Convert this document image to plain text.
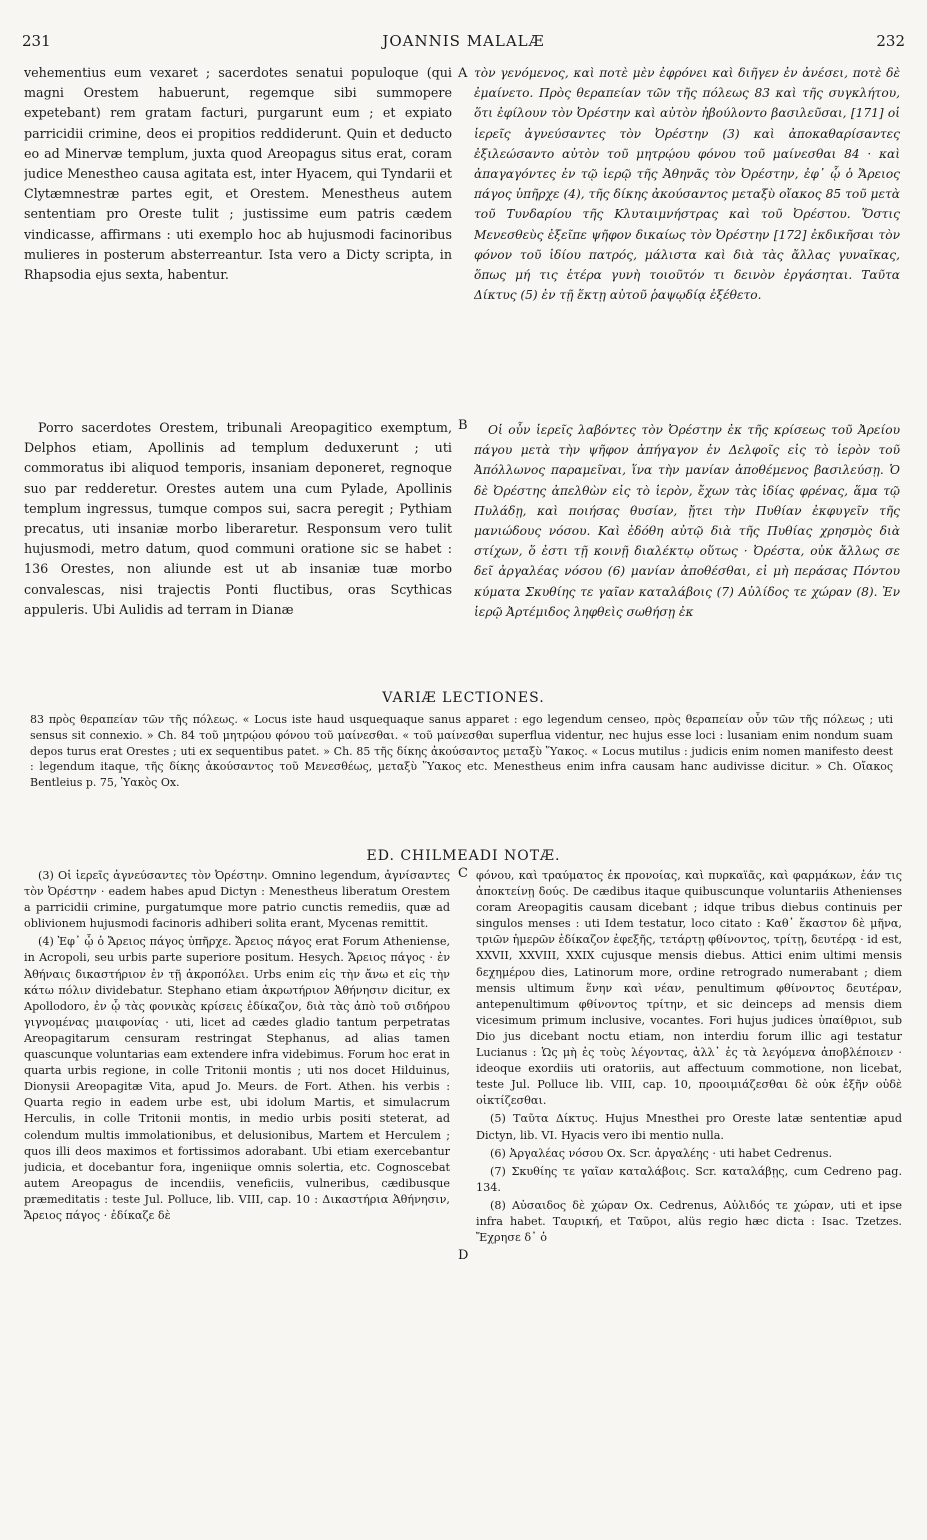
231	JOANNIS MALALÆ	232

vehementius eum vexaret ; sacerdotes senatui populoque (qui magni Orestem habuerunt, regemque sibi summopere expetebant) rem gratam facturi, purgarunt eum ; et expiato parricidii crimine, deos ei propitios reddiderunt. Quin et deducto eo ad Minervæ templum, juxta quod Areopagus situs erat, coram judice Menestheo causa agitata est, inter Hyacem, qui Tyndarii et Clytæmnestræ partes egit, et Orestem. Menestheus autem sententiam pro Oreste tulit ; justissime eum patris cædem vindicasse, affirmans : uti exemplo hoc ab hujusmodi facinoribus mulieres in posterum absterreantur. Ista vero a Dicty scripta, in Rhapsodia ejus sexta, habentur.

Porro sacerdotes Orestem, tribunali Areopagitico exemptum, Delphos etiam, Apollinis ad templum deduxerunt ; uti commoratus ibi aliquod temporis, insaniam deponeret, regnoque suo par redderetur. Orestes autem una cum Pylade, Apollinis templum ingressus, tumque compos sui, sacra peregit ; Pythiam precatus, uti insaniæ morbo liberaretur. Responsum vero tulit hujusmodi, metro datum, quod communi oratione sic se habet : 136 Orestes, non aliunde est ut ab insaniæ tuæ morbo convalescas, nisi trajectis Ponti fluctibus, oras Scythicas appuleris. Ubi Aulidis ad terram in Dianæ

τὸν γενόμενος, καὶ ποτὲ μὲν ἐφρόνει καὶ διῆγεν ἐν ἀνέσει, ποτὲ δὲ ἐμαίνετο. Πρὸς θεραπείαν τῶν τῆς πόλεως 83 καὶ τῆς συγκλήτου, ὅτι ἐφίλουν τὸν Ὀρέστην καὶ αὐτὸν ἠβούλοντο βασιλεῦσαι, [171] οἱ ἱερεῖς ἀγνεύσαντες τὸν Ὀρέστην (3) καὶ ἀποκαθαρίσαντες ἐξιλεώσαντο αὐτὸν τοῦ μητρῴου φόνου τοῦ μαίνεσθαι 84 · καὶ ἀπαγαγόντες ἐν τῷ ἱερῷ τῆς Ἀθηνᾶς τὸν Ὀρέστην, ἐφ᾽ ᾧ ὁ Ἄρειος πάγος ὑπῆρχε (4), τῆς δίκης ἀκούσαντος μεταξὺ οἴακος 85 τοῦ μετὰ τοῦ Τυνδαρίου τῆς Κλυταιμνήστρας καὶ τοῦ Ὀρέστου. Ὅστις Μενεσθεὺς ἐξεῖπε ψῆφον δικαίως τὸν Ὀρέστην [172] ἐκδικῆσαι τὸν φόνον τοῦ ἰδίου πατρός, μάλιστα καὶ διὰ τὰς ἄλλας γυναῖκας, ὅπως μή τις ἑτέρα γυνὴ τοιοῦτόν τι δεινὸν ἐργάσηται. Ταῦτα Δίκτυς (5) ἐν τῇ ἕκτῃ αὐτοῦ ῥαψῳδίᾳ ἐξέθετο.

Οἱ οὖν ἱερεῖς λαβόντες τὸν Ὀρέστην ἐκ τῆς κρίσεως τοῦ Ἀρείου πάγου μετὰ τὴν ψῆφον ἀπήγαγον ἐν Δελφοῖς εἰς τὸ ἱερὸν τοῦ Ἀπόλλωνος παραμεῖναι, ἵνα τὴν μανίαν ἀποθέμενος βασιλεύσῃ. Ὁ δὲ Ὀρέστης ἀπελθὼν εἰς τὸ ἱερὸν, ἔχων τὰς ἰδίας φρένας, ἅμα τῷ Πυλάδῃ, καὶ ποιήσας θυσίαν, ᾔτει τὴν Πυθίαν ἐκφυγεῖν τῆς μανιώδους νόσου. Καὶ ἐδόθη αὐτῷ διὰ τῆς Πυθίας χρησμὸς διὰ στίχων, ὅ ἐστι τῇ κοινῇ διαλέκτῳ οὕτως · Ὀρέστα, οὐκ ἄλλως σε δεῖ ἀργαλέας νόσου (6) μανίαν ἀποθέσθαι, εἰ μὴ περάσας Πόντου κύματα Σκυθίης τε γαῖαν καταλάβοις (7) Αὐλίδος τε χώραν (8). Ἐν ἱερῷ Ἀρτέμιδος ληφθεὶς σωθήσῃ ἐκ

A
B
C
D
VARIÆ LECTIONES.
83 πρὸς θεραπείαν τῶν τῆς πόλεως. « Locus iste haud usquequaque sanus apparet : ego legendum censeo, πρὸς θεραπείαν οὖν τῶν τῆς πόλεως ; uti sensus sit connexio. » Ch. 84 τοῦ μητρῴου φόνου τοῦ μαίνεσθαι. « τοῦ μαίνεσθαι superflua videntur, nec hujus esse loci : lusaniam enim nondum suam depos turus erat Orestes ; uti ex sequentibus patet. » Ch. 85 τῆς δίκης ἀκούσαντος μεταξὺ Ὕακος. « Locus mutilus : judicis enim nomen manifesto deest : legendum itaque, τῆς δίκης ἀκούσαντος τοῦ Μενεσθέως, μεταξὺ Ὕακος etc. Menestheus enim infra causam hanc audivisse dicitur. » Ch. Οἴακος Bentleius p. 75, Ὑακὸς Ox.
ED. CHILMEADI NOTÆ.

(3) Οἱ ἱερεῖς ἀγνεύσαντες τὸν Ὀρέστην. Omnino legendum, ἁγνίσαντες τὸν Ὀρέστην · eadem habes apud Dictyn : Menestheus liberatum Orestem a parricidii crimine, purgatumque more patrio cunctis remediis, quæ ad oblivionem hujusmodi facinoris adhiberi solita erant, Mycenas remittit.

(4) Ἐφ᾽ ᾧ ὁ Ἄρειος πάγος ὑπῆρχε. Ἄρειος πάγος erat Forum Atheniense, in Acropoli, seu urbis parte superiore positum. Hesych. Ἄρειος πάγος · ἐν Ἀθήναις δικαστήριον ἐν τῇ ἀκροπόλει. Urbs enim εἰς τὴν ἄνω et εἰς τὴν κάτω πόλιν dividebatur. Stephano etiam ἀκρωτήριον Ἀθήνησιν dicitur, ex Apollodoro, ἐν ᾧ τὰς φονικὰς κρίσεις ἐδίκαζον, διὰ τὰς ἀπὸ τοῦ σιδήρου γιγνομένας μιαιφονίας · uti, licet ad cædes gladio tantum perpetratas Areopagitarum censuram restringat Stephanus, ad alias tamen quascunque voluntarias eam extendere infra videbimus. Forum hoc erat in quarta urbis regione, in colle Tritonii montis ; uti nos docet Hilduinus, Dionysii Areopagitæ Vita, apud Jo. Meurs. de Fort. Athen. his verbis : Quarta regio in eadem urbe est, ubi idolum Martis, et simulacrum Herculis, in colle Tritonii montis, in medio urbis positi steterat, ad colendum multis immolationibus, et delusionibus, Martem et Herculem ; quos illi deos maximos et fortissimos adorabant. Ubi etiam exercebantur judicia, et docebantur fora, ingeniique omnis solertia, etc. Cognoscebat autem Areopagus de incendiis, veneficiis, vulneribus, cædibusque præmeditatis : teste Jul. Polluce, lib. VIII, cap. 10 : Δικαστήρια Ἀθήνησιν, Ἄρειος πάγος · ἐδίκαζε δὲ

φόνου, καὶ τραύματος ἐκ προνοίας, καὶ πυρκαϊᾶς, καὶ φαρμάκων, ἐάν τις ἀποκτείνῃ δούς. De cædibus itaque quibuscunque voluntariis Athenienses coram Areopagitis causam dicebant ; idque tribus diebus continuis per singulos menses : uti Idem testatur, loco citato : Καθ᾽ ἕκαστον δὲ μῆνα, τριῶν ἡμερῶν ἐδίκαζον ἐφεξῆς, τετάρτῃ φθίνοντος, τρίτῃ, δευτέρᾳ · id est, XXVII, XXVIII, XXIX cujusque mensis diebus. Attici enim ultimi mensis δεχημέρου dies, Latinorum more, ordine retrogrado numerabant ; diem mensis ultimum ἕνην καὶ νέαν, penultimum φθίνοντος δευτέραν, antepenultimum φθίνοντος τρίτην, et sic deinceps ad mensis diem vicesimum primum inclusive, vocantes. Fori hujus judices ὑπαίθριοι, sub Dio jus dicebant noctu etiam, non interdiu forum illic agi testatur Lucianus : Ὡς μὴ ἐς τοὺς λέγοντας, ἀλλ᾽ ἐς τὰ λεγόμενα ἀποβλέποιεν · ideoque exordiis uti oratoriis, aut affectuum commotione, non licebat, teste Jul. Polluce lib. VIII, cap. 10, προοιμιάζεσθαι δὲ οὐκ ἐξῆν οὐδὲ οἰκτίζεσθαι.

(5) Ταῦτα Δίκτυς. Hujus Mnesthei pro Oreste latæ sententiæ apud Dictyn, lib. VI. Hyacis vero ibi mentio nulla.

(6) Ἀργαλέας νόσου Ox. Scr. ἀργαλέης · uti habet Cedrenus.

(7) Σκυθίης τε γαῖαν καταλάβοις. Scr. καταλάβῃς, cum Cedreno pag. 134.

(8) Αὐσαιδος δὲ χώραν Ox. Cedrenus, Αὐλιδός τε χώραν, uti et ipse infra habet. Ταυρική, et Ταῦροι, alüs regio hæc dicta : Isac. Tzetzes. Ἔχρησε δ᾽ ὁ
